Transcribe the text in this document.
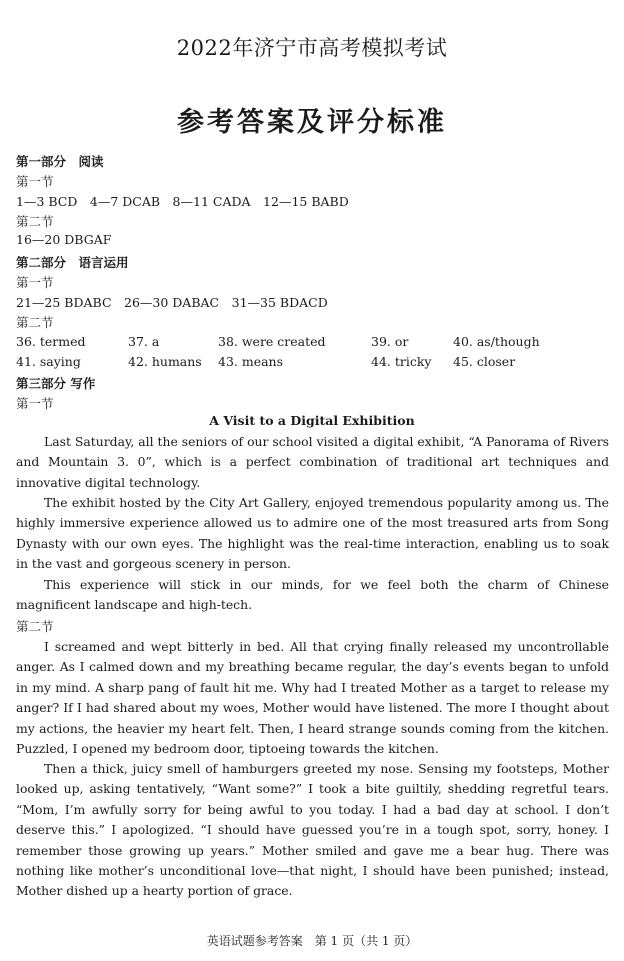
2022年济宁市高考模拟考试
参考答案及评分标准
第一部分　阅读
第一节
1—3 BCD　4—7 DCAB　8—11 CADA　12—15 BABD
第二节
16—20 DBGAF
第二部分　语言运用
第一节
21—25 BDABC　26—30 DABAC　31—35 BDACD
第二节
36. termed	37. a	38. were created	39. or	40. as/though
41. saying	42. humans 43. means	44. tricky 45. closer
第三部分 写作
第一节
A Visit to a Digital Exhibition

Last Saturday, all the seniors of our school visited a digital exhibit, “A Panorama of Rivers and Mountain 3. 0”, which is a perfect combination of traditional art techniques and innovative digital technology.

The exhibit hosted by the City Art Gallery, enjoyed tremendous popularity among us. The highly immersive experience allowed us to admire one of the most treasured arts from Song Dynasty with our own eyes. The highlight was the real-time interaction, enabling us to soak in the vast and gorgeous scenery in person.

This experience will stick in our minds, for we feel both the charm of Chinese magnificent landscape and high-tech.

第二节

I screamed and wept bitterly in bed. All that crying finally released my uncontrollable anger. As I calmed down and my breathing became regular, the day’s events began to unfold in my mind. A sharp pang of fault hit me. Why had I treated Mother as a target to release my anger? If I had shared about my woes, Mother would have listened. The more I thought about my actions, the heavier my heart felt. Then, I heard strange sounds coming from the kitchen. Puzzled, I opened my bedroom door, tiptoeing towards the kitchen.

Then a thick, juicy smell of hamburgers greeted my nose. Sensing my footsteps, Mother looked up, asking tentatively, “Want some?” I took a bite guiltily, shedding regretful tears. “Mom, I’m awfully sorry for being awful to you today. I had a bad day at school. I don’t deserve this.” I apologized. “I should have guessed you’re in a tough spot, sorry, honey. I remember those growing up years.” Mother smiled and gave me a bear hug. There was nothing like mother’s unconditional love—that night, I should have been punished; instead, Mother dished up a hearty portion of grace.

英语试题参考答案　第 1 页（共 1 页）
